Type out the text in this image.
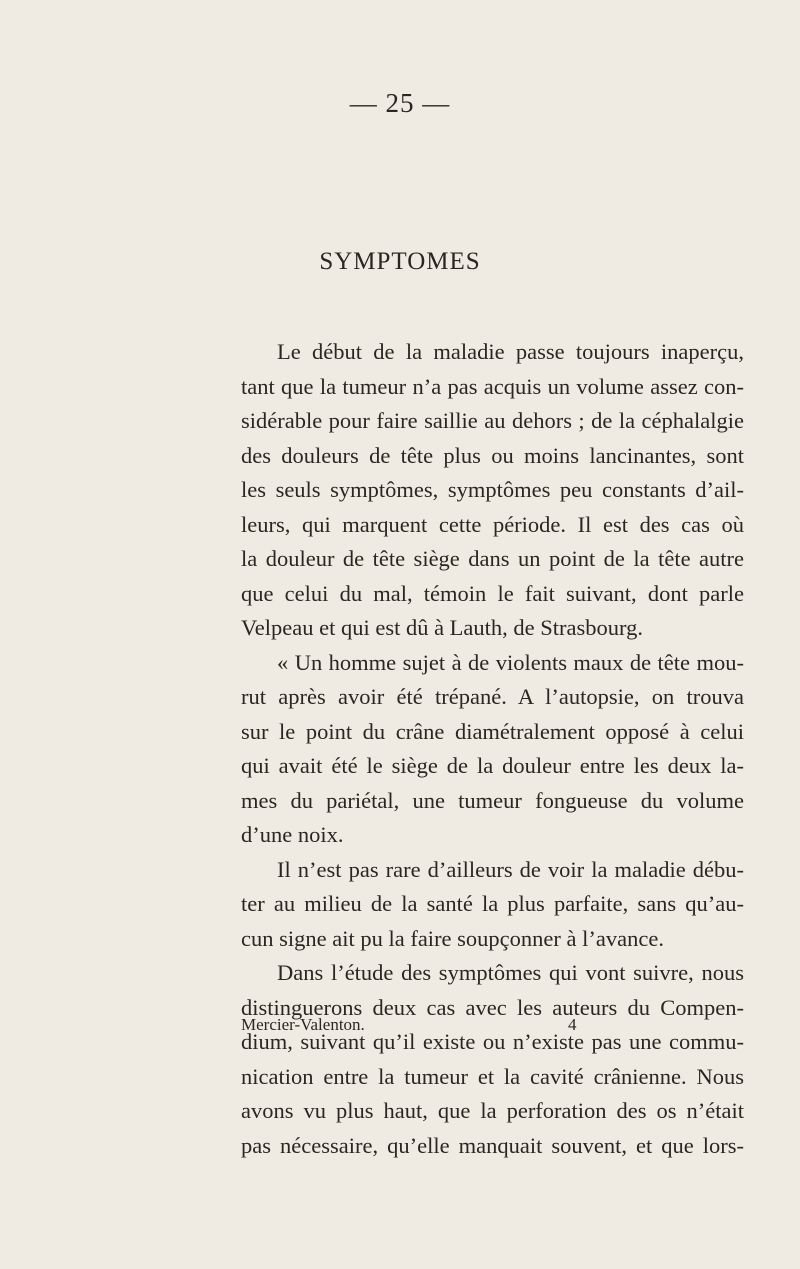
— 25 —
SYMPTOMES
Le début de la maladie passe toujours inaperçu,
tant que la tumeur n’a pas acquis un volume assez con-
sidérable pour faire saillie au dehors ; de la céphalalgie
des douleurs de tête plus ou moins lancinantes, sont
les seuls symptômes, symptômes peu constants d’ail-
leurs, qui marquent cette période. Il est des cas où
la douleur de tête siège dans un point de la tête autre
que celui du mal, témoin le fait suivant, dont parle
Velpeau et qui est dû à Lauth, de Strasbourg.
« Un homme sujet à de violents maux de tête mou-
rut après avoir été trépané. A l’autopsie, on trouva
sur le point du crâne diamétralement opposé à celui
qui avait été le siège de la douleur entre les deux la-
mes du pariétal, une tumeur fongueuse du volume
d’une noix.
Il n’est pas rare d’ailleurs de voir la maladie débu-
ter au milieu de la santé la plus parfaite, sans qu’au-
cun signe ait pu la faire soupçonner à l’avance.
Dans l’étude des symptômes qui vont suivre, nous
distinguerons deux cas avec les auteurs du Compen-
dium, suivant qu’il existe ou n’existe pas une commu-
nication entre la tumeur et la cavité crânienne. Nous
avons vu plus haut, que la perforation des os n’était
pas nécessaire, qu’elle manquait souvent, et que lors-
Mercier-Valenton.	4
